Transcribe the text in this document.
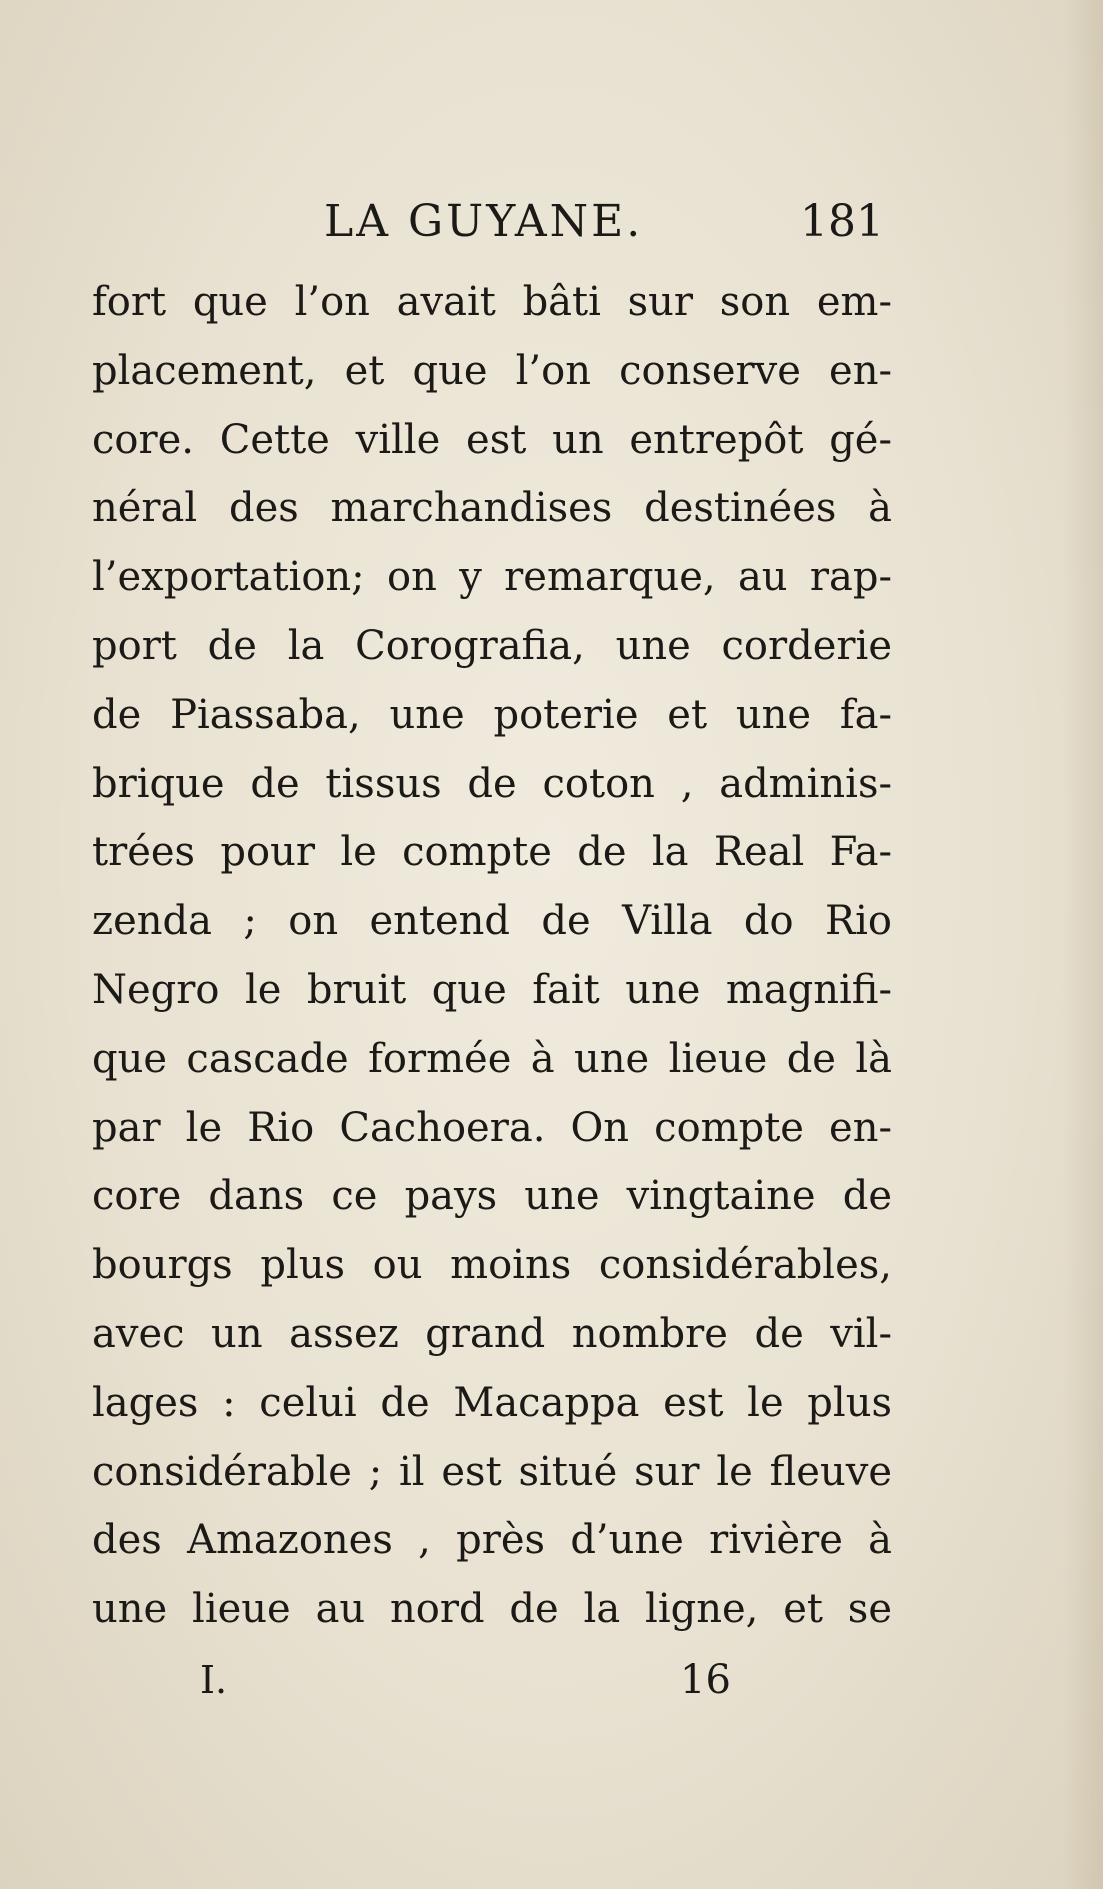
LA GUYANE.	181
fort que l’on avait bâti sur son em-
placement, et que l’on conserve en-
core. Cette ville est un entrepôt gé-
néral des marchandises destinées à
l’exportation; on y remarque, au rap-
port de la Corografia, une corderie
de Piassaba, une poterie et une fa-
brique de tissus de coton , adminis-
trées pour le compte de la Real Fa-
zenda ; on entend de Villa do Rio
Negro le bruit que fait une magnifi-
que cascade formée à une lieue de là
par le Rio Cachoera. On compte en-
core dans ce pays une vingtaine de
bourgs plus ou moins considérables,
avec un assez grand nombre de vil-
lages : celui de Macappa est le plus
considérable ; il est situé sur le fleuve
des Amazones , près d’une rivière à
une lieue au nord de la ligne, et se
I.	16
